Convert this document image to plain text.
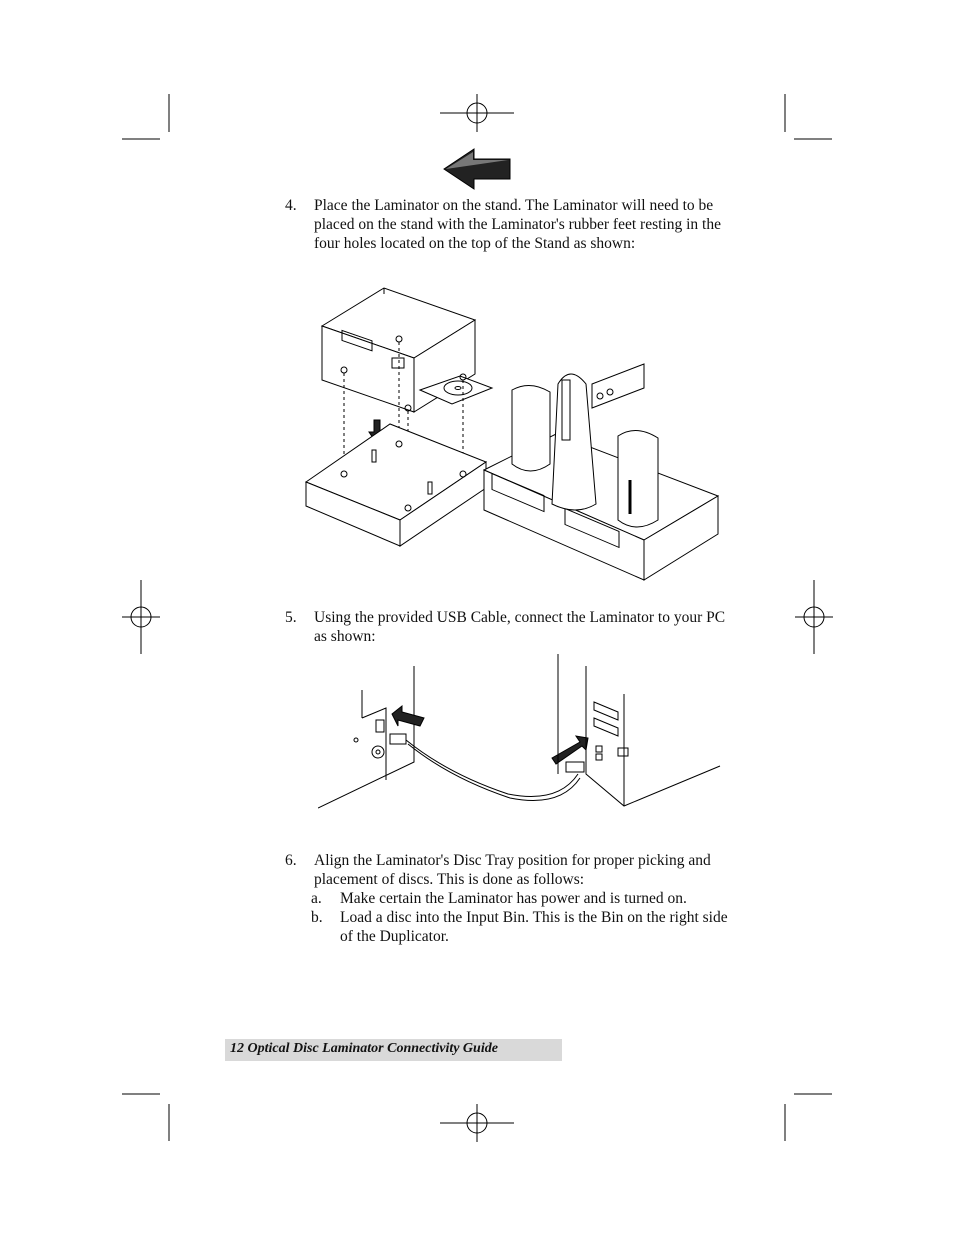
4. Place the Laminator on the stand. The Laminator will need to be placed on the stand with the Laminator's rubber feet resting in the four holes located on the top of the Stand as shown:
5. Using the provided USB Cable, connect the Laminator to your PC as shown:
6. Align the Laminator's Disc Tray position for proper picking and placement of discs. This is done as follows:
a. Make certain the Laminator has power and is turned on.
b. Load a disc into the Input Bin. This is the Bin on the right side of the Duplicator.
12 Optical Disc Laminator Connectivity Guide
